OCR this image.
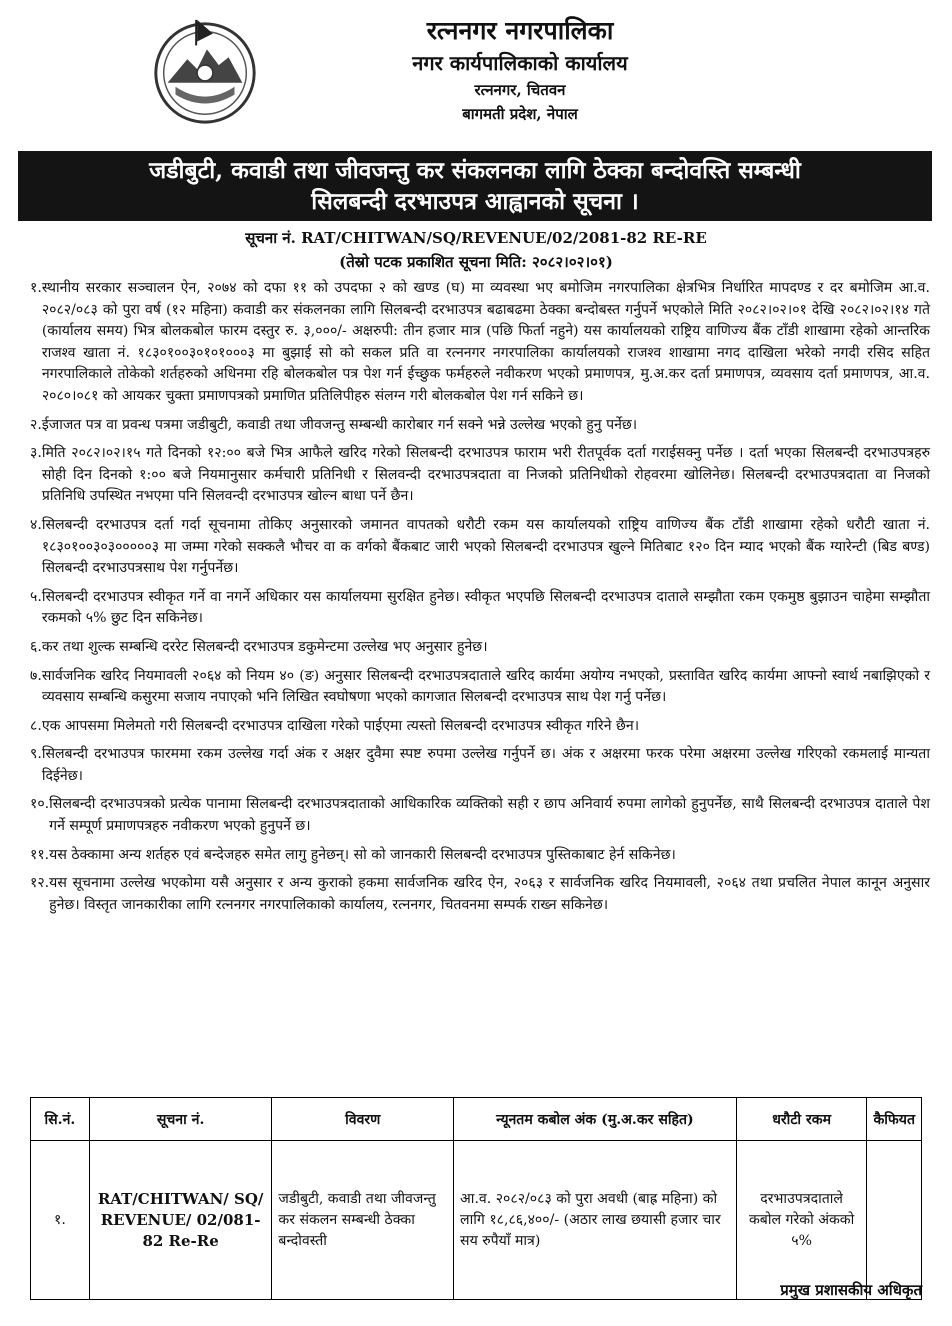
रत्ननगर नगरपालिका
नगर कार्यपालिकाको कार्यालय
रत्ननगर, चितवन
बागमती प्रदेश, नेपाल
जडीबुटी, कवाडी तथा जीवजन्तु कर संकलनका लागि ठेक्का बन्दोवस्ति सम्बन्धी
सिलबन्दी दरभाउपत्र आह्वानको सूचना ।
सूचना नं. RAT/CHITWAN/SQ/REVENUE/02/2081-82 RE-RE
(तेस्रो पटक प्रकाशित सूचना मिति: २०८२।०२।०१)
१. स्थानीय सरकार सञ्चालन ऐन, २०७४ को दफा ११ को उपदफा २ को खण्ड (घ) मा व्यवस्था भए बमोजिम नगरपालिका क्षेत्रभित्र निर्धारित मापदण्ड र दर बमोजिम आ.व. २०८२/०८३ को पुरा वर्ष (१२ महिना) कवाडी कर संकलनका लागि सिलबन्दी दरभाउपत्र बढाबढमा ठेक्का बन्दोबस्त गर्नुपर्ने भएकोले मिति २०८२।०२।०१ देखि २०८२।०२।१४ गते (कार्यालय समय) भित्र बोलकबोल फारम दस्तुर रु. ३,०००/- अक्षरुपी: तीन हजार मात्र (पछि फिर्ता नहुने) यस कार्यालयको राष्ट्रिय वाणिज्य बैंक टाँडी शाखामा रहेको आन्तरिक राजश्व खाता नं. १८३०१००३०१०१०००३ मा बुझाई सो को सकल प्रति वा रत्ननगर नगरपालिका कार्यालयको राजश्व शाखामा नगद दाखिला भरेको नगदी रसिद सहित नगरपालिकाले तोकेको शर्तहरुको अधिनमा रहि बोलकबोल पत्र पेश गर्न ईच्छुक फर्महरुले नवीकरण भएको प्रमाणपत्र, मु.अ.कर दर्ता प्रमाणपत्र, व्यवसाय दर्ता प्रमाणपत्र, आ.व. २०८०।०८१ को आयकर चुक्ता प्रमाणपत्रको प्रमाणित प्रतिलिपीहरु संलग्न गरी बोलकबोल पेश गर्न सकिने छ।
२. ईजाजत पत्र वा प्रवन्ध पत्रमा जडीबुटी, कवाडी तथा जीवजन्तु सम्बन्धी कारोबार गर्न सक्ने भन्ने उल्लेख भएको हुनु पर्नेछ।
३. मिति २०८२।०२।१५ गते दिनको १२:०० बजे भित्र आफैले खरिद गरेको सिलबन्दी दरभाउपत्र फाराम भरी रीतपूर्वक दर्ता गराईसक्नु पर्नेछ । दर्ता भएका सिलबन्दी दरभाउपत्रहरु सोही दिन दिनको १:०० बजे नियमानुसार कर्मचारी प्रतिनिधी र सिलवन्दी दरभाउपत्रदाता वा निजको प्रतिनिधीको रोहवरमा खोलिनेछ। सिलबन्दी दरभाउपत्रदाता वा निजको प्रतिनिधि उपस्थित नभएमा पनि सिलवन्दी दरभाउपत्र खोल्न बाधा पर्ने छैन।
४. सिलबन्दी दरभाउपत्र दर्ता गर्दा सूचनामा तोकिए अनुसारको जमानत वापतको धरौटी रकम यस कार्यालयको राष्ट्रिय वाणिज्य बैंक टाँडी शाखामा रहेको धरौटी खाता नं. १८३०१००३०३०००००३ मा जम्मा गरेको सक्कलै भौचर वा क वर्गको बैंकबाट जारी भएको सिलबन्दी दरभाउपत्र खुल्ने मितिबाट १२० दिन म्याद भएको बैंक ग्यारेन्टी (बिड बण्ड) सिलबन्दी दरभाउपत्रसाथ पेश गर्नुपर्नेछ।
५. सिलबन्दी दरभाउपत्र स्वीकृत गर्ने वा नगर्ने अधिकार यस कार्यालयमा सुरक्षित हुनेछ। स्वीकृत भएपछि सिलबन्दी दरभाउपत्र दाताले सम्झौता रकम एकमुष्ठ बुझाउन चाहेमा सम्झौता रकमको ५% छुट दिन सकिनेछ।
६. कर तथा शुल्क सम्बन्धि दररेट सिलबन्दी दरभाउपत्र डकुमेन्टमा उल्लेख भए अनुसार हुनेछ।
७. सार्वजनिक खरिद नियमावली २०६४ को नियम ४० (ङ) अनुसार सिलबन्दी दरभाउपत्रदाताले खरिद कार्यमा अयोग्य नभएको, प्रस्तावित खरिद कार्यमा आफ्नो स्वार्थ नबाझिएको र व्यवसाय सम्बन्धि कसुरमा सजाय नपाएको भनि लिखित स्वघोषणा भएको कागजात सिलबन्दी दरभाउपत्र साथ पेश गर्नु पर्नेछ।
८. एक आपसमा मिलेमतो गरी सिलबन्दी दरभाउपत्र दाखिला गरेको पाईएमा त्यस्तो सिलबन्दी दरभाउपत्र स्वीकृत गरिने छैन।
९. सिलबन्दी दरभाउपत्र फारममा रकम उल्लेख गर्दा अंक र अक्षर दुवैमा स्पष्ट रुपमा उल्लेख गर्नुपर्ने छ। अंक र अक्षरमा फरक परेमा अक्षरमा उल्लेख गरिएको रकमलाई मान्यता दिईनेछ।
१०. सिलबन्दी दरभाउपत्रको प्रत्येक पानामा सिलबन्दी दरभाउपत्रदाताको आधिकारिक व्यक्तिको सही र छाप अनिवार्य रुपमा लागेको हुनुपर्नेछ, साथै सिलबन्दी दरभाउपत्र दाताले पेश गर्ने सम्पूर्ण प्रमाणपत्रहरु नवीकरण भएको हुनुपर्ने छ।
११. यस ठेक्कामा अन्य शर्तहरु एवं बन्देजहरु समेत लागु हुनेछन्। सो को जानकारी सिलबन्दी दरभाउपत्र पुस्तिकाबाट हेर्न सकिनेछ।
१२. यस सूचनामा उल्लेख भएकोमा यसै अनुसार र अन्य कुराको हकमा सार्वजनिक खरिद ऐन, २०६३ र सार्वजनिक खरिद नियमावली, २०६४ तथा प्रचलित नेपाल कानून अनुसार हुनेछ। विस्तृत जानकारीका लागि रत्ननगर नगरपालिकाको कार्यालय, रत्ननगर, चितवनमा सम्पर्क राख्न सकिनेछ।
सि.नं.	सूचना नं.	विवरण	न्यूनतम कबोल अंक (मु.अ.कर सहित)	धरौटी रकम	कैफियत
१.	RAT/CHITWAN/ SQ/ REVENUE/ 02/081-82 Re-Re	जडीबुटी, कवाडी तथा जीवजन्तु कर संकलन सम्बन्धी ठेक्का बन्दोवस्ती	आ.व. २०८२/०८३ को पुरा अवधी (बाह्र महिना) को लागि १८,८६,४००/- (अठार लाख छयासी हजार चार सय रुपैयाँ मात्र)	दरभाउपत्रदाताले कबोल गरेको अंकको ५%	
प्रमुख प्रशासकीय अधिकृत
